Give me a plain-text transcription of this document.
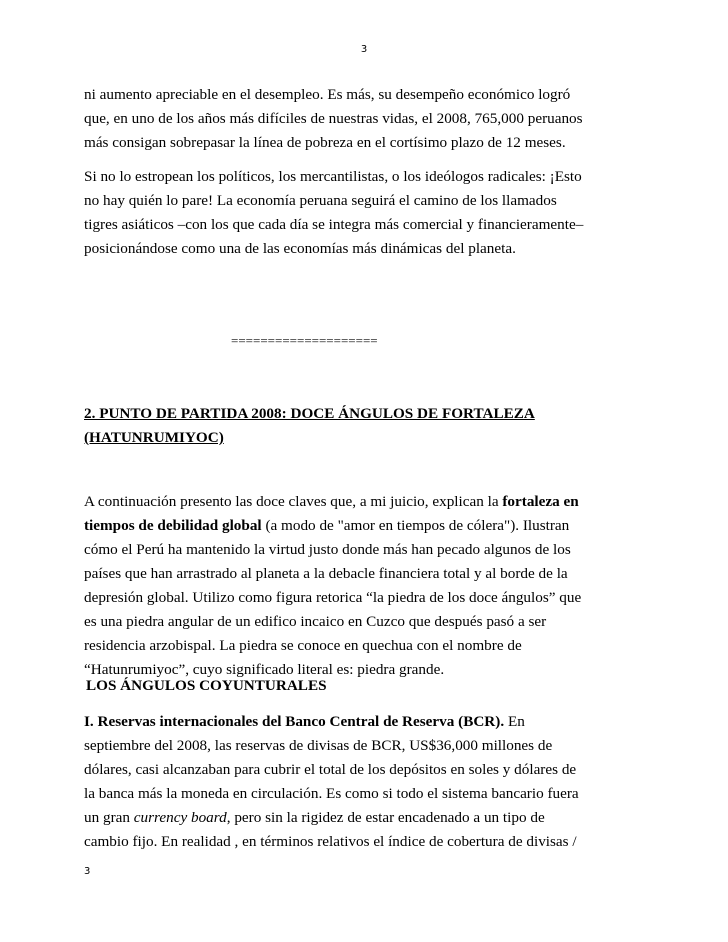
3
ni aumento apreciable en el desempleo. Es más, su desempeño económico logró
que, en uno de los años más difíciles de nuestras vidas, el 2008, 765,000 peruanos
más consigan sobrepasar la línea de pobreza en el cortísimo plazo de 12 meses.
Si no lo estropean los políticos, los mercantilistas, o los ideólogos radicales: ¡Esto
no hay quién lo pare! La economía peruana seguirá el camino de los llamados
tigres asiáticos –con los que cada día se integra más comercial y financieramente–
posicionándose como una de las economías más dinámicas del planeta.
====================
2. PUNTO DE PARTIDA 2008: DOCE ÁNGULOS DE FORTALEZA
(HATUNRUMIYOC)
A continuación presento las doce claves que, a mi juicio, explican la fortaleza en
tiempos de debilidad global (a modo de "amor en tiempos de cólera"). Ilustran
cómo el Perú ha mantenido la virtud justo donde más han pecado algunos de los
países que han arrastrado al planeta a la debacle financiera total y al borde de la
depresión global. Utilizo como figura retorica “la piedra de los doce ángulos” que
es una piedra angular de un edifico incaico en Cuzco que después pasó a ser
residencia arzobispal. La piedra se conoce en quechua con el nombre de
“Hatunrumiyoc”, cuyo significado literal es: piedra grande.
LOS ÁNGULOS COYUNTURALES
I. Reservas internacionales del Banco Central de Reserva (BCR). En
septiembre del 2008, las reservas de divisas de BCR, US$36,000 millones de
dólares, casi alcanzaban para cubrir el total de los depósitos en soles y dólares de
la banca más la moneda en circulación. Es como si todo el sistema bancario fuera
un gran currency board, pero sin la rigidez de estar encadenado a un tipo de
cambio fijo. En realidad , en términos relativos el índice de cobertura de divisas /
3
